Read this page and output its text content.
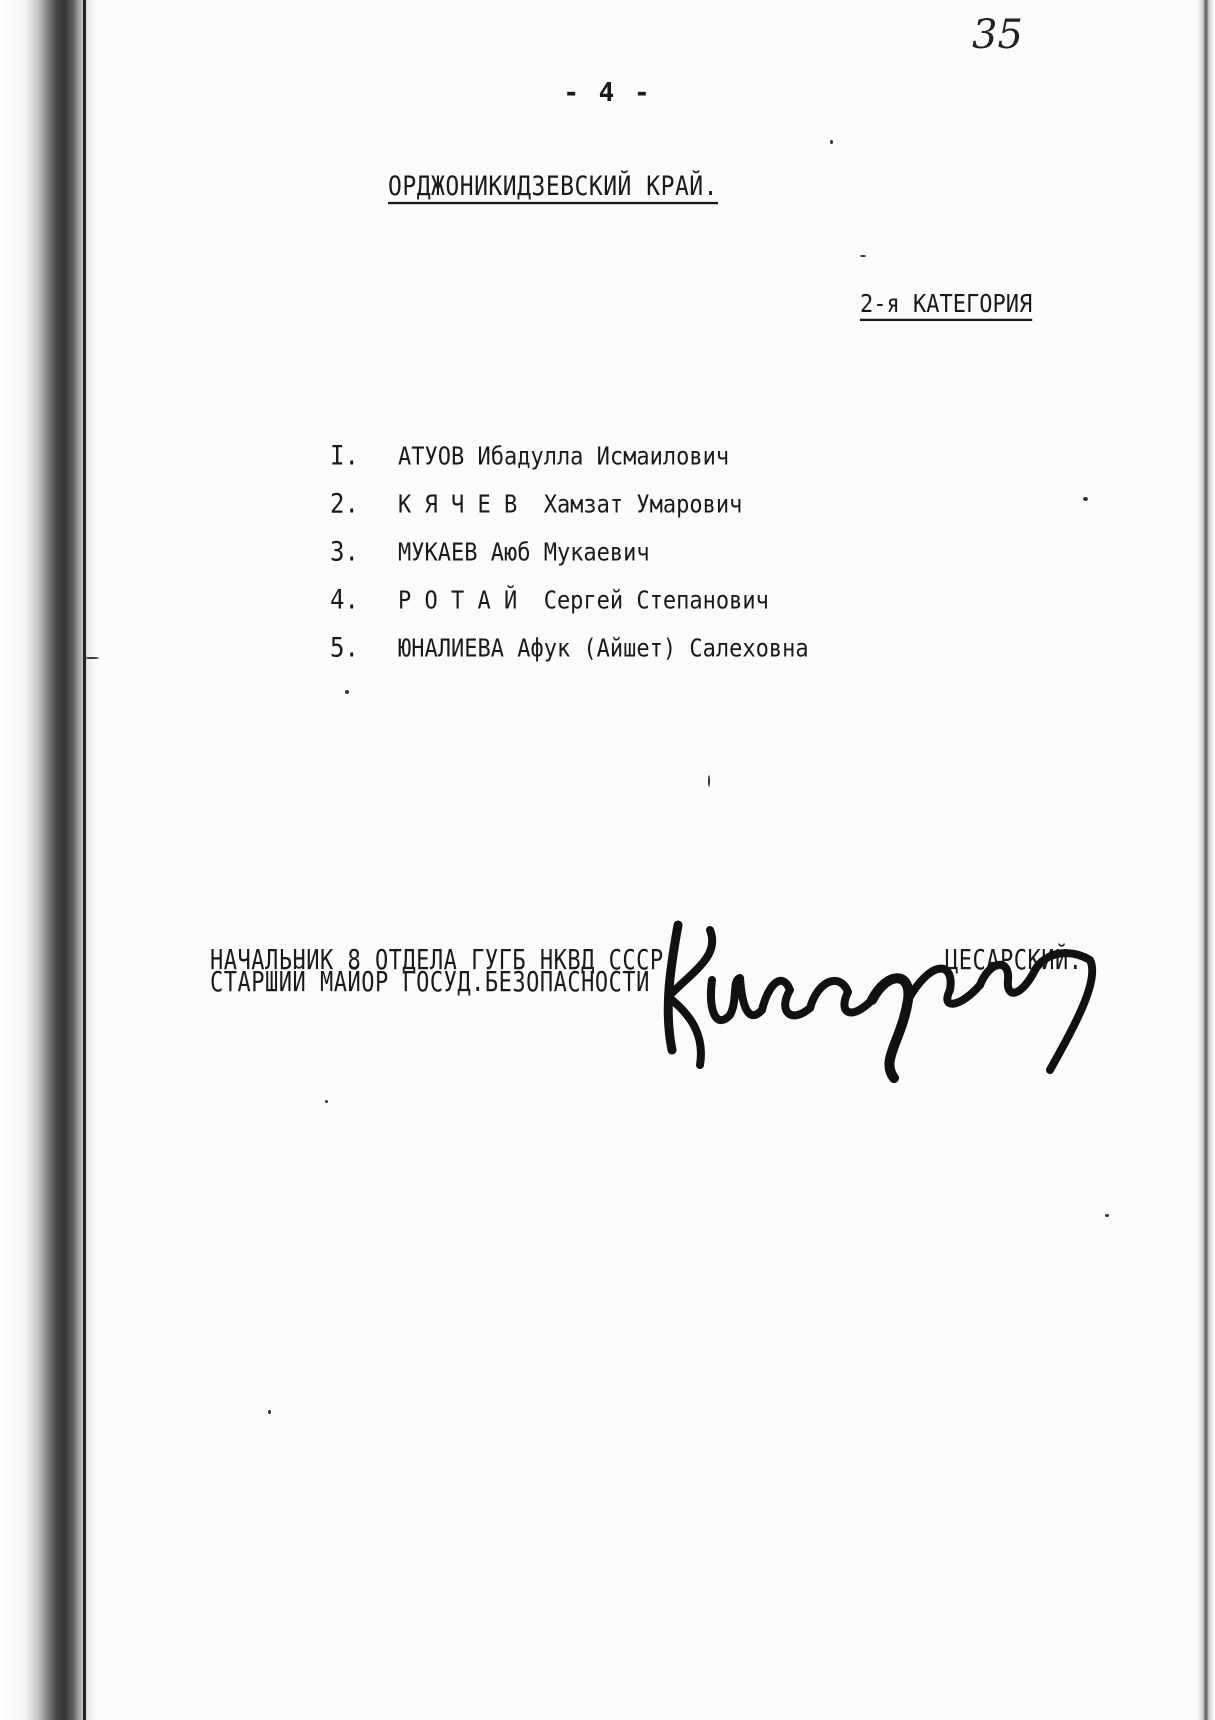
35
- 4 -
ОРДЖОНИКИДЗЕВСКИЙ КРАЙ.
2-я КАТЕГОРИЯ
I.	АТУОВ Ибадулла Исмаилович
2.	К Я Ч Е В  Хамзат Умарович
3.	МУКАЕВ Аюб Мукаевич
4.	Р О Т А Й  Сергей Степанович
5.	ЮНАЛИЕВА Афук (Айшет) Салеховна
НАЧАЛЬНИК 8 ОТДЕЛА ГУГБ НКВД СССР
СТАРШИЙ МАЙОР ГОСУД.БЕЗОПАСНОСТИ
ЦЕСАРСКИЙ.
